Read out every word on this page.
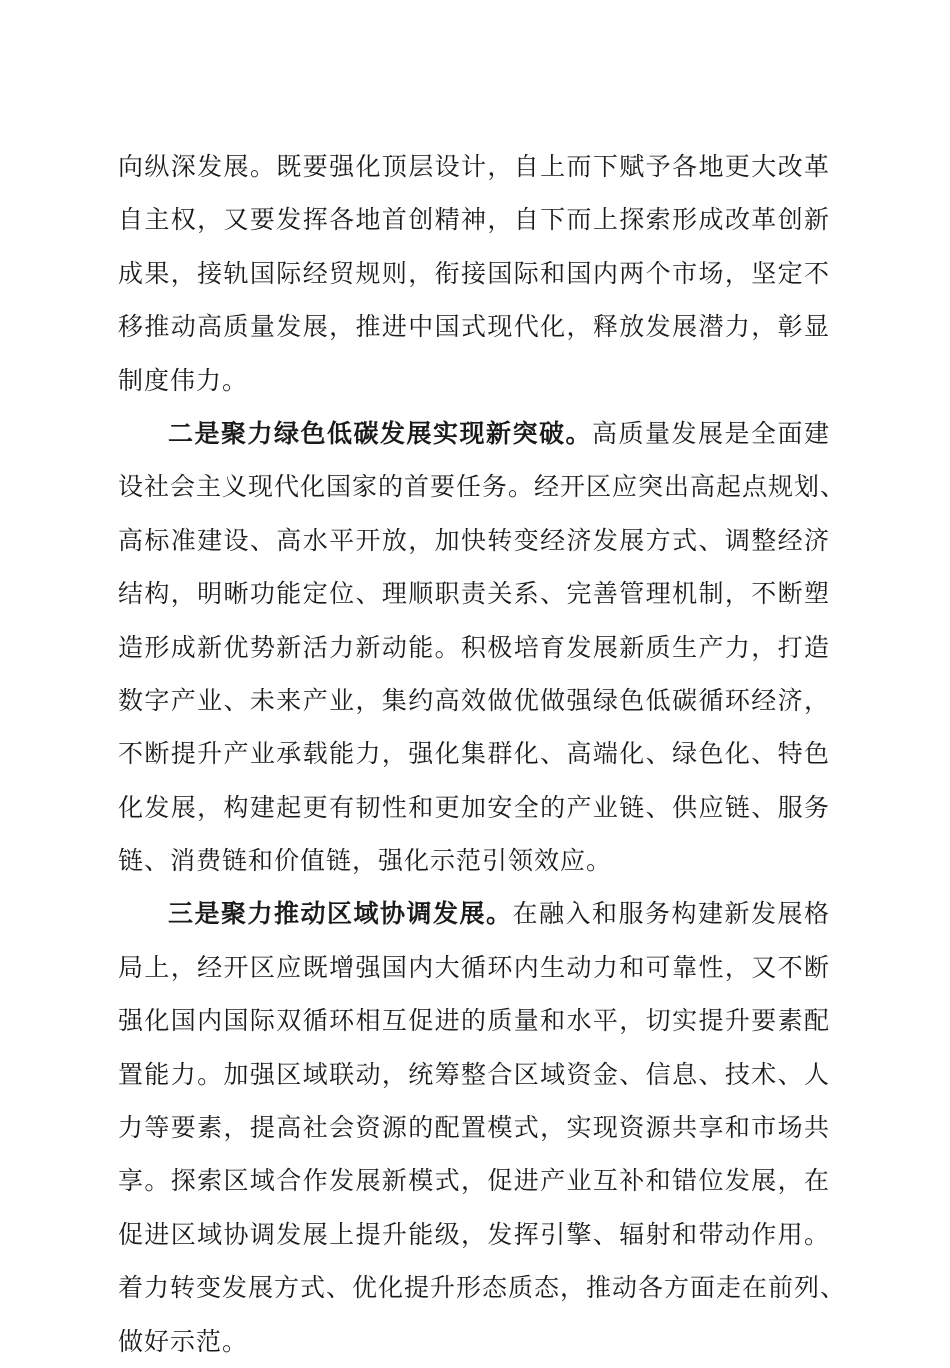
向纵深发展。既要强化顶层设计，自上而下赋予各地更大改革
自主权，又要发挥各地首创精神，自下而上探索形成改革创新
成果，接轨国际经贸规则，衔接国际和国内两个市场，坚定不
移推动高质量发展，推进中国式现代化，释放发展潜力，彰显
制度伟力。
二是聚力绿色低碳发展实现新突破。高质量发展是全面建
设社会主义现代化国家的首要任务。经开区应突出高起点规划、
高标准建设、高水平开放，加快转变经济发展方式、调整经济
结构，明晰功能定位、理顺职责关系、完善管理机制，不断塑
造形成新优势新活力新动能。积极培育发展新质生产力，打造
数字产业、未来产业，集约高效做优做强绿色低碳循环经济，
不断提升产业承载能力，强化集群化、高端化、绿色化、特色
化发展，构建起更有韧性和更加安全的产业链、供应链、服务
链、消费链和价值链，强化示范引领效应。
三是聚力推动区域协调发展。在融入和服务构建新发展格
局上，经开区应既增强国内大循环内生动力和可靠性，又不断
强化国内国际双循环相互促进的质量和水平，切实提升要素配
置能力。加强区域联动，统筹整合区域资金、信息、技术、人
力等要素，提高社会资源的配置模式，实现资源共享和市场共
享。探索区域合作发展新模式，促进产业互补和错位发展，在
促进区域协调发展上提升能级，发挥引擎、辐射和带动作用。
着力转变发展方式、优化提升形态质态，推动各方面走在前列、
做好示范。
